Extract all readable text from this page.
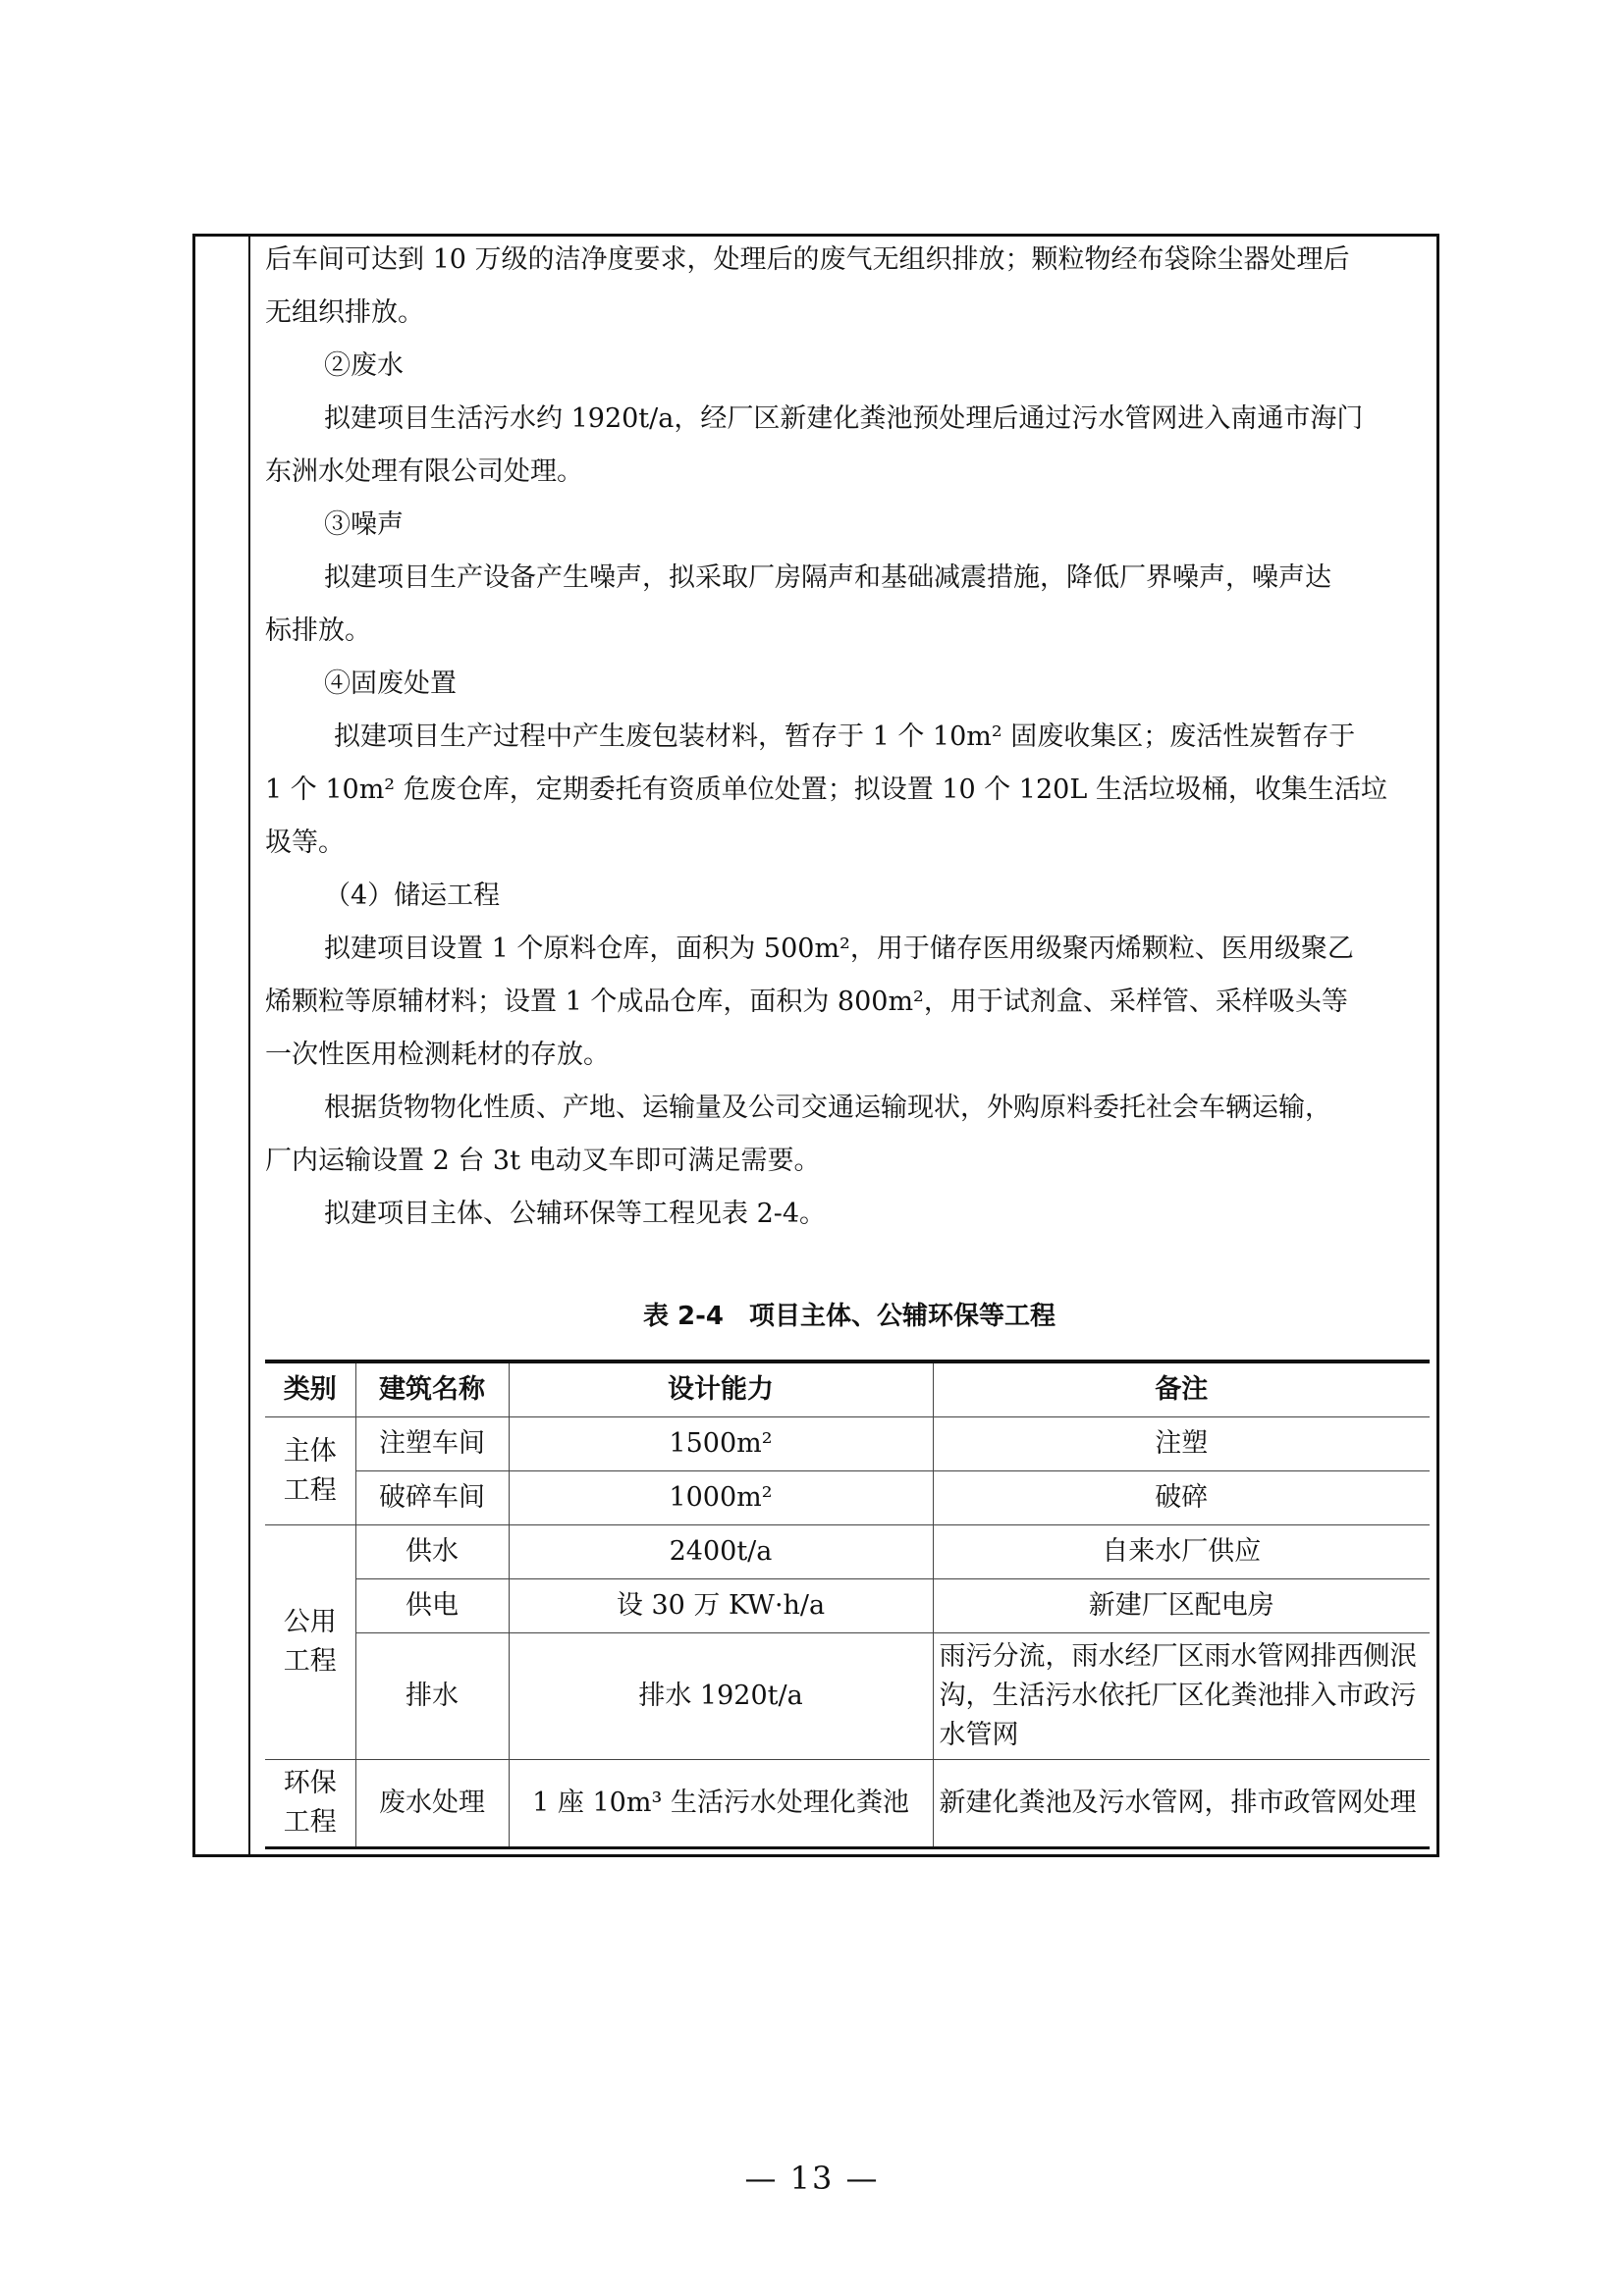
后车间可达到 10 万级的洁净度要求，处理后的废气无组织排放；颗粒物经布袋除尘器处理后

无组织排放。

②废水

拟建项目生活污水约 1920t/a，经厂区新建化粪池预处理后通过污水管网进入南通市海门

东洲水处理有限公司处理。

③噪声

拟建项目生产设备产生噪声，拟采取厂房隔声和基础减震措施，降低厂界噪声，噪声达

标排放。

④固废处置

拟建项目生产过程中产生废包装材料，暂存于 1 个 10m² 固废收集区；废活性炭暂存于

1 个 10m² 危废仓库，定期委托有资质单位处置；拟设置 10 个 120L 生活垃圾桶，收集生活垃

圾等。

（4）储运工程

拟建项目设置 1 个原料仓库，面积为 500m²，用于储存医用级聚丙烯颗粒、医用级聚乙

烯颗粒等原辅材料；设置 1 个成品仓库，面积为 800m²，用于试剂盒、采样管、采样吸头等

一次性医用检测耗材的存放。

根据货物物化性质、产地、运输量及公司交通运输现状，外购原料委托社会车辆运输，

厂内运输设置 2 台 3t 电动叉车即可满足需要。

拟建项目主体、公辅环保等工程见表 2-4。

表 2-4　项目主体、公辅环保等工程
类别	建筑名称	设计能力	备注
主体
工程	注塑车间	1500m²	注塑
	破碎车间	1000m²	破碎
公用
工程	供水	2400t/a	自来水厂供应
	供电	设 30 万 KW·h/a	新建厂区配电房
	排水	排水 1920t/a	雨污分流，雨水经厂区雨水管网排西侧泯沟，生活污水依托厂区化粪池排入市政污水管网
环保
工程	废水处理	1 座 10m³ 生活污水处理化粪池	新建化粪池及污水管网，排市政管网处理
— 13 —
